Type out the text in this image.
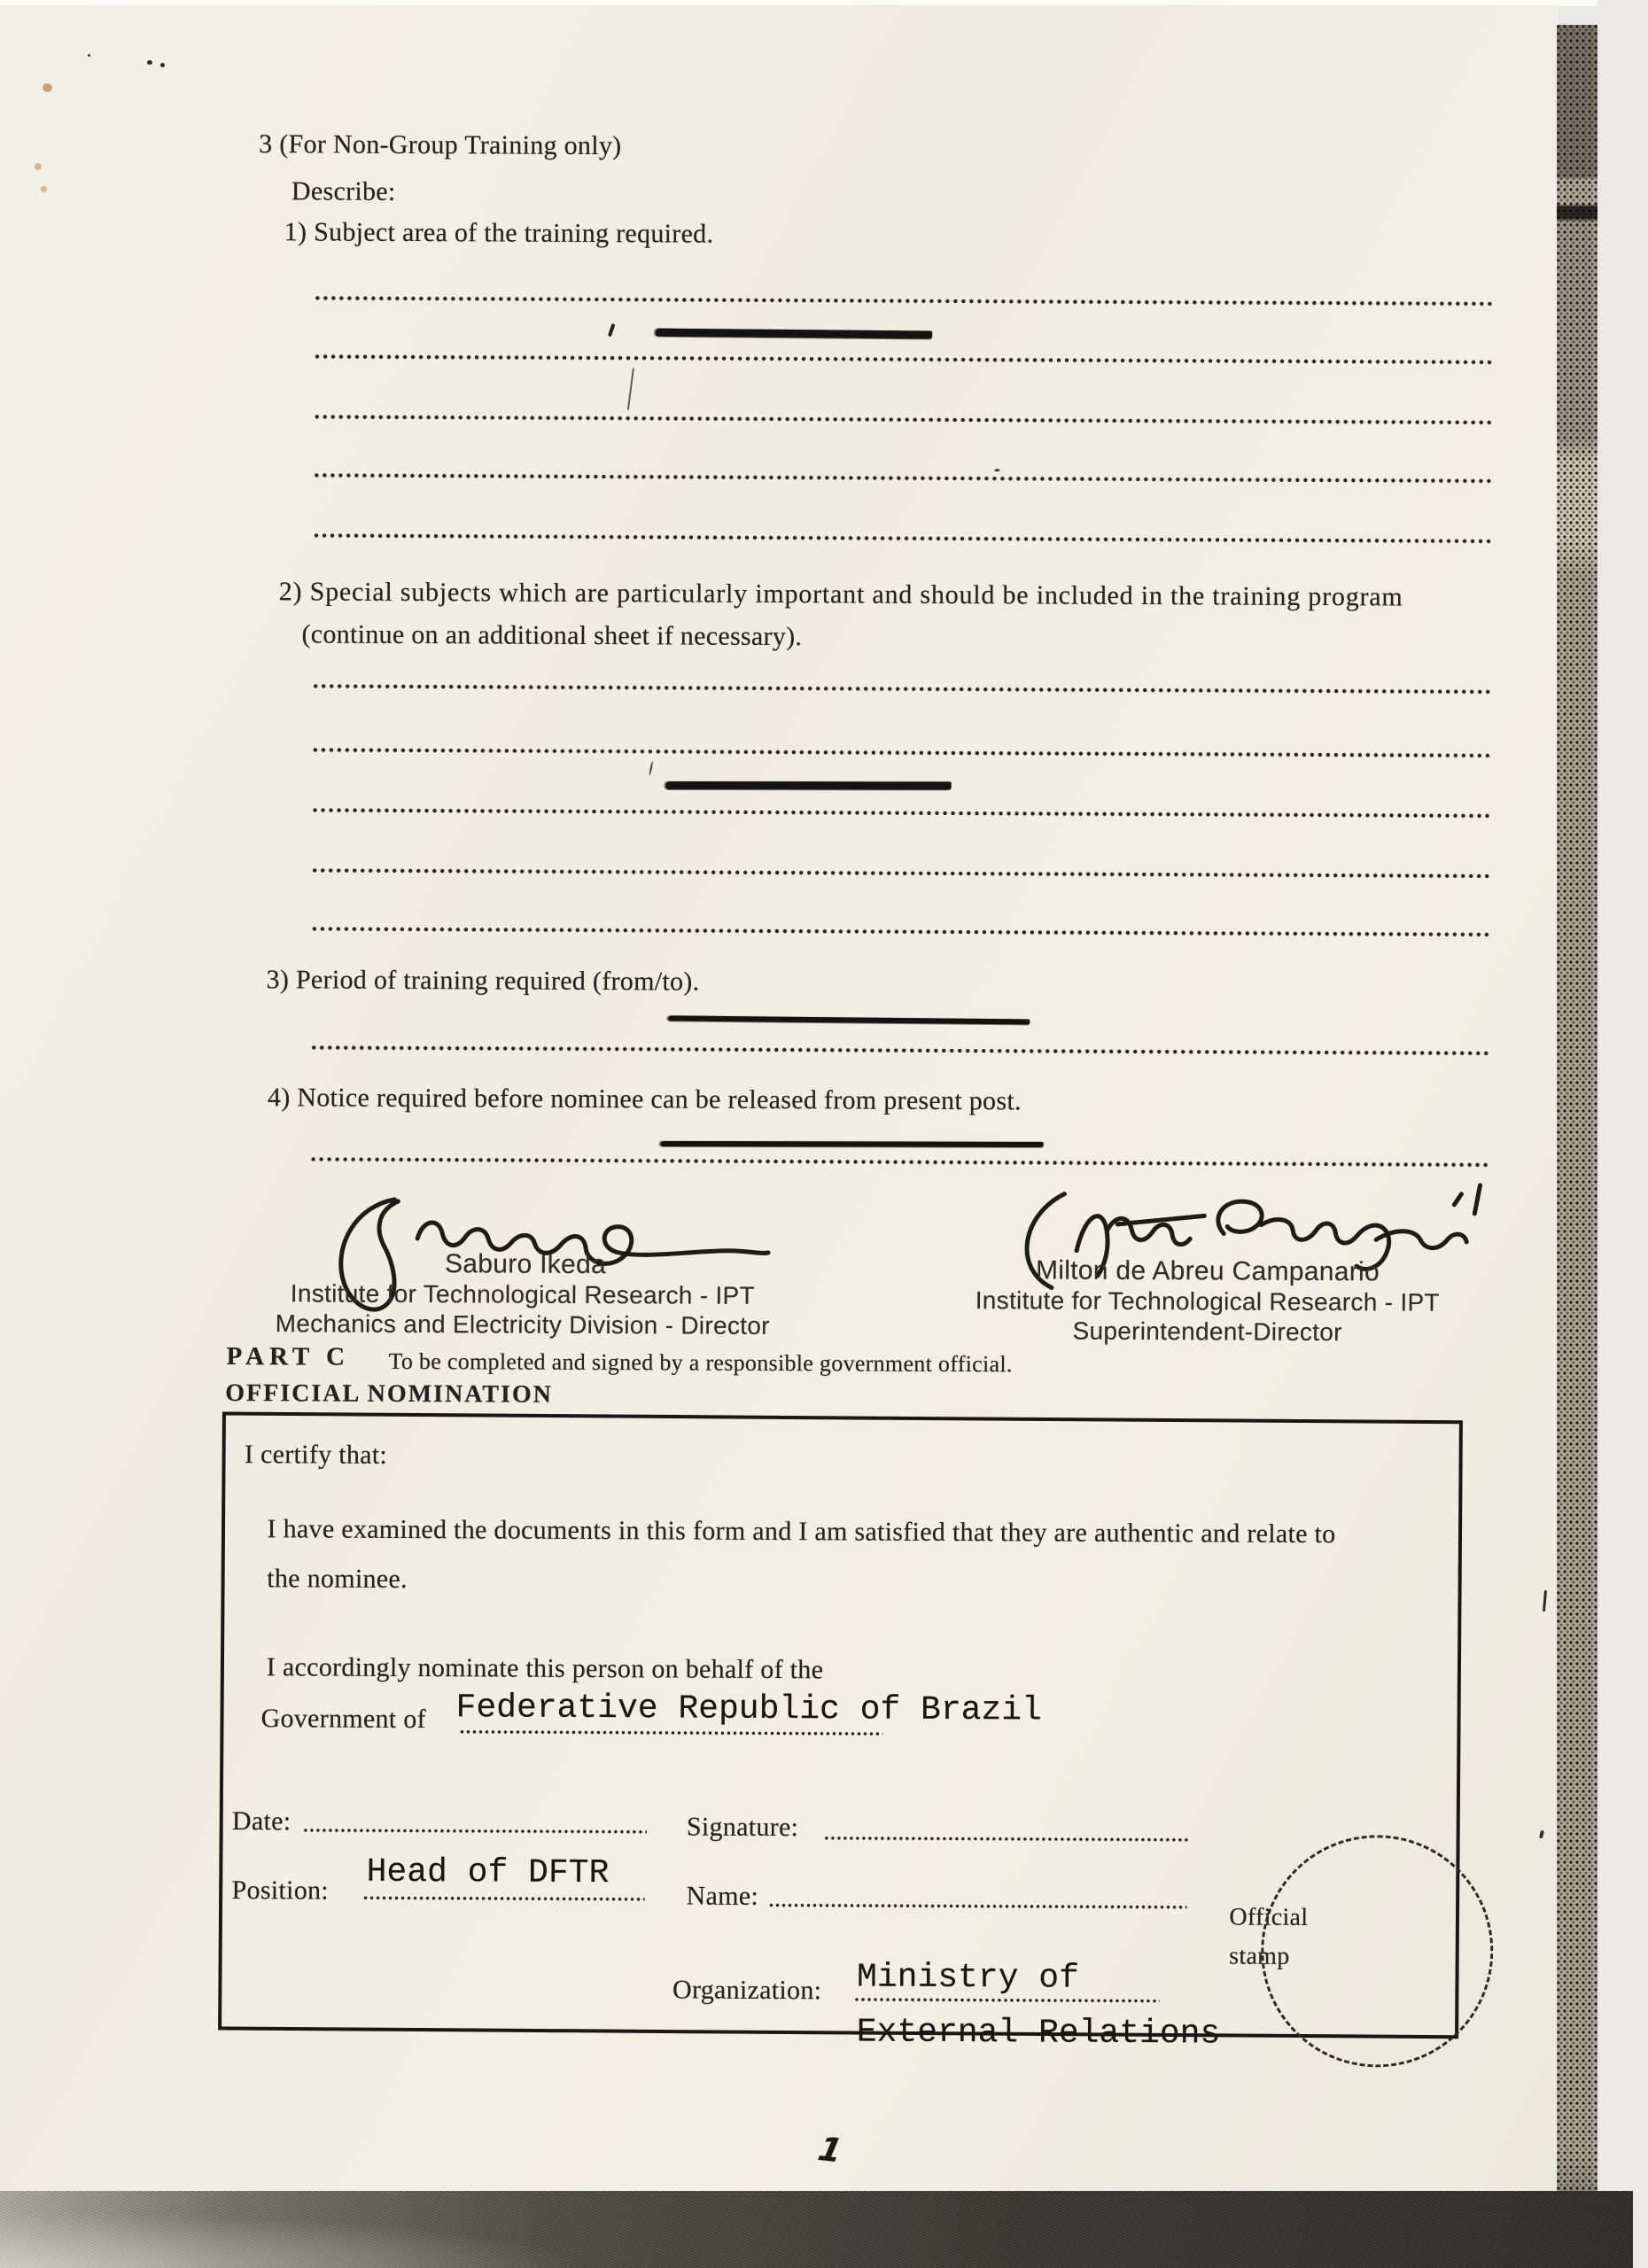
3 (For Non-Group Training only)
Describe:
1) Subject area of the training required.
2) Special subjects which are particularly important and should be included in the training program
(continue on an additional sheet if necessary).
3) Period of training required (from/to).
4) Notice required before nominee can be released from present post.
Saburo Ikeda
Institute for Technological Research - IPT
Mechanics and Electricity Division - Director
Milton de Abreu Campanario
Institute for Technological Research - IPT
Superintendent-Director
PART C To be completed and signed by a responsible government official.
OFFICIAL NOMINATION
I certify that:
I have examined the documents in this form and I am satisfied that they are authentic and relate to
the nominee.
I accordingly nominate this person on behalf of the
Government of Federative Republic of Brazil
Date:	Signature:
Position: Head of DFTR
Name:
Organization: Ministry of
External Relations
Official
stamp
1
